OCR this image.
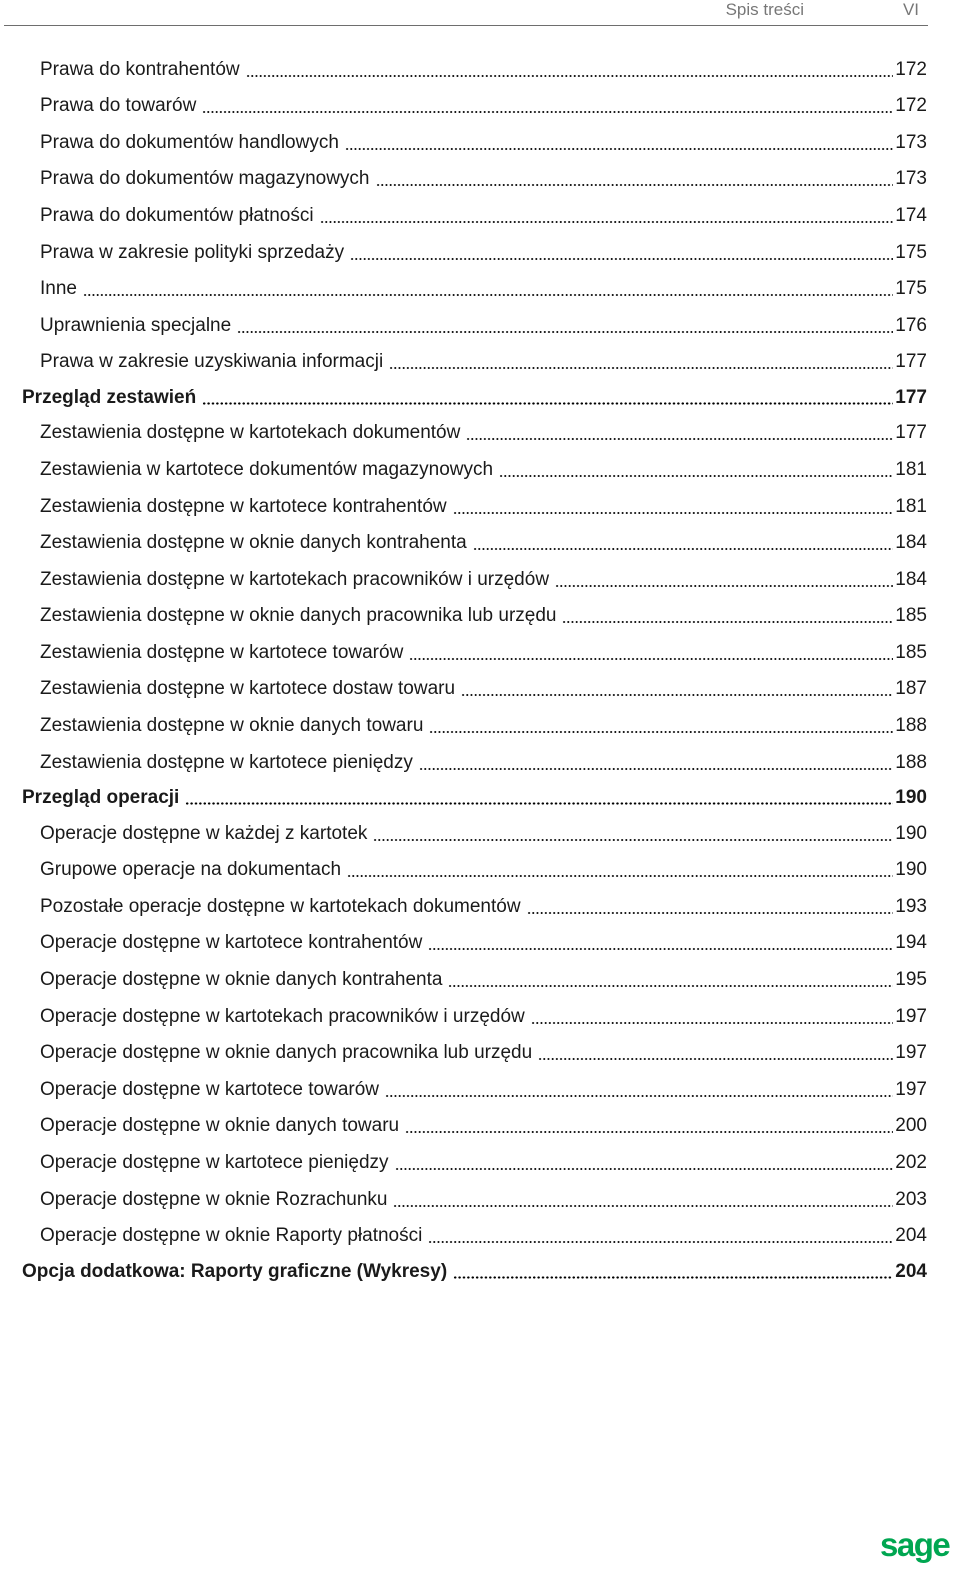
Spis treści	VI
Prawa do kontrahentów	172
Prawa do towarów	172
Prawa do dokumentów handlowych	173
Prawa do dokumentów magazynowych	173
Prawa do dokumentów płatności	174
Prawa w zakresie polityki sprzedaży	175
Inne	175
Uprawnienia specjalne	176
Prawa w zakresie uzyskiwania informacji	177
Przegląd zestawień	177
Zestawienia dostępne w kartotekach dokumentów	177
Zestawienia w kartotece dokumentów magazynowych	181
Zestawienia dostępne w kartotece kontrahentów	181
Zestawienia dostępne w oknie danych kontrahenta	184
Zestawienia dostępne w kartotekach pracowników i urzędów	184
Zestawienia dostępne w oknie danych pracownika lub urzędu	185
Zestawienia dostępne w kartotece towarów	185
Zestawienia dostępne w kartotece dostaw towaru	187
Zestawienia dostępne w oknie danych towaru	188
Zestawienia dostępne w kartotece pieniędzy	188
Przegląd operacji	190
Operacje dostępne w każdej z kartotek	190
Grupowe operacje na dokumentach	190
Pozostałe operacje dostępne w kartotekach dokumentów	193
Operacje dostępne w kartotece kontrahentów	194
Operacje dostępne w oknie danych kontrahenta	195
Operacje dostępne w kartotekach pracowników i urzędów	197
Operacje dostępne w oknie danych pracownika lub urzędu	197
Operacje dostępne w kartotece towarów	197
Operacje dostępne w oknie danych towaru	200
Operacje dostępne w kartotece pieniędzy	202
Operacje dostępne w oknie Rozrachunku	203
Operacje dostępne w oknie Raporty płatności	204
Opcja dodatkowa: Raporty graficzne (Wykresy)	204
sage
